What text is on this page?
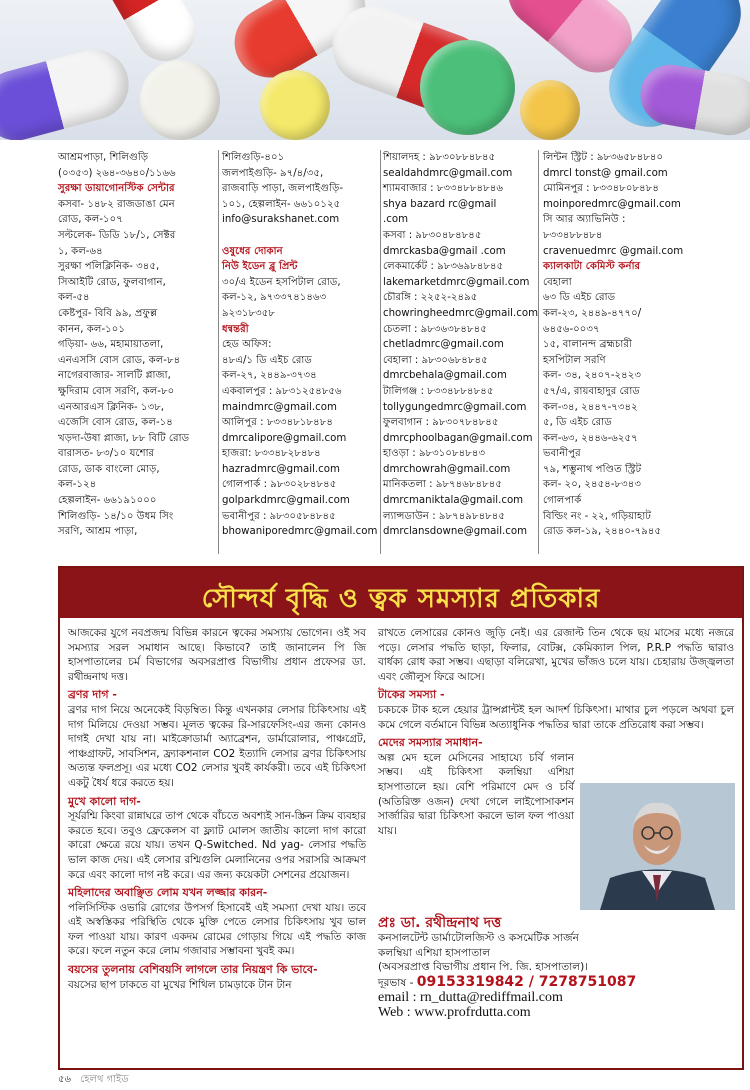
আশ্রমপাড়া, শিলিগুড়ি
(০৩৫৩) ২৬৪-৩৬৪০/১১৬৬
সুরক্ষা ডায়াগোনস্টিক সেন্টার
কসবা- ১৪৮২ রাজডাঙা মেন
রোড, কল-১০৭
সল্টলেক- ডিডি ১৮/১, সেক্টর
১, কল-৬৪
সুরক্ষা পলিক্লিনিক- ৩৪৫,
সিআইটি রোড, ফুলবাগান,
কল-৫৪
কেষ্টপুর- বিবি ৯৯, প্রফুল্ল
কানন, কল-১০১
গড়িয়া- ৬৬, মহামায়াতলা,
এনএসসি বোস রোড, কল-৮৪
নাগেরবাজার- সালটি প্লাজা,
ক্ষুদিরাম বোস সরণি, কল-৮০
এনআরএস ক্লিনিক- ১৩৮,
এজেসি বোস রোড, কল-১৪
খড়দা-উষা প্লাজা, ৮৮ বিটি রোড
বারাসত- ৮৩/১০ যশোর
রোড, ডাক বাংলো মোড়,
কল-১২৪
হেল্পলাইন- ৬৬১৯১০০০
শিলিগুড়ি- ১৪/১০ উধম সিং
সরণি, আশ্রম পাড়া,
শিলিগুড়ি-৪০১
জলপাইগুড়ি- ৯৭/৪/৩৫,
রাজবাড়ি পাড়া, জলপাইগুড়ি-
১০১, হেল্পলাইন- ৬৬১০১২৫
info@surakshanet.com
ওষুধের দোকান
নিউ ইডেন ব্লু প্রিন্ট
৩০/এ ইডেন হসপিটাল রোড,
কল-১২, ৯৭৩৩৭৪১৪৬৩
৯২৩১৮৩৫৮
ধন্বন্তরী
হেড অফিস:
৪৮এ/১ ডি এইচ রোড
কল-২৭, ২৪৪৯-৩৭৩৪
একবালপুর : ৯৮৩১২৫৪৮৫৬
maindmrc@gmail.com
আলিপুর : ৮৩৩৪৮১৮৪৮৪
dmrcalipore@gmail.com
হাজরা: ৮৩৩৪৮২৮৪৮৪
hazradmrc@gmail.com
গোলপার্ক : ৯৮৩০২৮৪৮৪৫
golparkdmrc@gmail.com
ভবানীপুর : ৯৮৩০৫৮৪৮৪৫
bhowaniporedmrc@gmail.com
শিয়ালদহ : ৯৮৩০৮৮৪৮৪৫
sealdahdmrc@gmail.com
শ্যামবাজার : ৮৩৩৪৮৮৪৮৪৬
shya bazard rc@gmail
.com
কসবা : ৯৮৩০৪৮৪৮৪৫
dmrckasba@gmail .com
লেকমার্কেট : ৯৮৩৬৯৮৪৮৪৫
lakemarketdmrc@gmail.com
চৌরঙ্গি : ২২৫২-২৪৯৫
chowringheedmrc@gmail.com
চেতলা : ৯৮৩৬৩৮৪৮৪৫
chetladmrc@gmail.com
বেহালা : ৯৮৩০৬৮৪৮৪৫
dmrcbehala@gmail.com
টালিগঞ্জ : ৮৩৩৪৮৮৪৮৪৫
tollygungedmrc@gmail.com
ফুলবাগান : ৯৮৩০৭৮৪৮৪৫
dmrcphoolbagan@gmail.com
হাওড়া : ৯৮৩১০৮৪৮৪৩
dmrchowrah@gmail.com
মানিকতলা : ৯৮৭৪৬৮৪৮৪৫
dmrcmaniktala@gmail.com
ল্যান্সডাউন : ৯৮৭৪৯৮৪৮৪৫
dmrclansdowne@gmail.com
লিন্টন স্ট্রিট : ৯৮৩৬৫৮৪৮৪০
dmrcl tonst@ gmail.com
মোমিনপুর : ৮৩৩৪৮০৮৪৮৪
moinporedmrc@gmail.com
সি আর অ্যাভিনিউ :
৮৩৩৪৮৮৪৮৪
cravenuedmrc @gmail.com
ক্যালকাটা কেমিস্ট কর্নার
বেহালা
৬৩ ডি এইচ রোড
কল-২৩, ২৪৪৯-৪৭৭০/
৬৪৫৬-০০৩৭
১৫, বালানন্দ ব্রহ্মচারী
হসপিটাল সরণি
কল- ৩৪, ২৪০৭-২৪২৩
৫৭/এ, রায়বাহাদুর রোড
কল-৩৪, ২৪৪৭-৭৩৪২
৫, ডি এইচ রোড
কল-৬৩, ২৪৪৬-৬২৫৭
ভবানীপুর
৭৯, শম্ভুনাথ পণ্ডিত স্ট্রিট
কল- ২০, ২৪৫৪-৮৩৪৩
গোলপার্ক
বিল্ডিং নং - ২২, গড়িয়াহাট
রোড কল-১৯, ২৪৪০-৭৯৪৫
সৌন্দর্য বৃদ্ধি ও ত্বক সমস্যার প্রতিকার

আজকের যুগে নবপ্রজন্ম বিভিন্ন কারনে ত্বকের সমস্যায় ভোগেন। ওই সব সমস্যার সরল সমাধান আছে। কিভাবে? তাই জানালেন পি জি হাসপাতালের চর্ম বিভাগের অবসরপ্রাপ্ত বিভাগীয় প্রধান প্রফেসর ডা. রথীন্দ্রনাথ দত্ত।

ব্রণর দাগ -

ব্রণর দাগ নিয়ে অনেকেই বিড়ম্বিত। কিন্তু এখনকার লেসার চিকিৎসায় এই দাগ মিলিয়ে দেওয়া সম্ভব। মূলত ত্বকের রি-সারফেসিং-এর জন্য কোনও দাগই দেখা যায় না। মাইক্রোডার্মা অ্যাব্রেশন, ডার্মারোলার, পাঞ্চগ্রেট, পাঞ্চগ্রাফট, সাবসিশন, ফ্র্যাকশনাল CO2 ইত্যাদি লেসার ব্রণর চিকিৎসায় অত্যন্ত ফলপ্রসূ। এর মধ্যে CO2 লেসার খুবই কার্যকরী। তবে এই চিকিৎসা একটু ধৈর্য ধরে করতে হয়।

মুখে কালো দাগ-

সূর্যরশ্মি কিংবা রান্নাঘরে তাপ থেকে বাঁচতে অবশ্যই সান-স্ক্রিন ক্রিম ব্যবহার করতে হবে। তবুও ফ্রেকেলস বা ফ্ল্যাট মোলস জাতীয় কালো দাগ কারো কারো ক্ষেত্রে রয়ে যায়। তখন Q-Switched. Nd yag- লেসার পদ্ধতি ভাল কাজ দেয়। এই লেসার রশ্মিগুলি মেলানিনের ওপর সরাসরি আক্রমণ করে এবং কালো দাগ নষ্ট করে। এর জন্য কয়েকটা সেশনের প্রয়োজন।

মহিলাদের অবাঞ্ছিত লোম যখন লজ্জার কারন-

পলিসিস্টিক ওভারি রোগের উপসর্গ হিসাবেই এই সমস্যা দেখা যায়। তবে এই অস্বস্তিকর পরিস্থিতি থেকে মুক্তি পেতে লেসার চিকিৎসায় খুব ভাল ফল পাওয়া যায়। কারণ একদম রোমের গোড়ায় গিয়ে এই পদ্ধতি কাজ করে। ফলে নতুন করে লোম গজাবার সম্ভাবনা খুবই কম।

বয়সের তুলনায় বেশিবয়সি লাগলে তার নিয়ন্ত্রণ কি ভাবে-

বয়সের ছাপ ঢাকতে বা মুখের শিথিল চামড়াকে টান টান

রাখতে লেসারের কোনও জুড়ি নেই। এর রেজাল্ট তিন থেকে ছয় মাসের মধ্যে নজরে পড়ে। লেসার পদ্ধতি ছাড়া, ফিলার, বোটক্স, কেমিক্যাল পিল, P.R.P পদ্ধতি দ্বারাও বার্ধক্য রোধ করা সম্ভব। এছাড়া বলিরেখা, মুখের ভাঁজও চলে যায়। চেহারায় উজ্জ্বলতা এবং জৌলুস ফিরে আসে।

টাকের সমস্যা -

চকচকে টাক হলে হেয়ার ট্রান্সপ্লান্টই হল আদর্শ চিকিৎসা। মাথার চুল পড়লে অথবা চুল কমে গেলে বর্তমানে বিভিন্ন অত্যাধুনিক পদ্ধতির দ্বারা তাকে প্রতিরোধ করা সম্ভব।

মেদের সমস্যার সমাধান-

অল্প মেদ হলে মেসিনের সাহায্যে চর্বি গলান সম্ভব। এই চিকিৎসা কলম্বিয়া এশিয়া হাসপাতালে হয়। বেশি পরিমাণে মেদ ও চর্বি (অতিরিক্ত ওজন) দেখা গেলে লাইপোসাকশন সার্জারির দ্বারা চিকিৎসা করলে ভাল ফল পাওয়া যায়।

প্রঃ ডা. রথীন্দ্রনাথ দত্ত
কনসালটেন্ট ডার্মাটোলজিস্ট ও কসমেটিক সার্জন
কলম্বিয়া এশিয়া হাসপাতাল
(অবসরপ্রাপ্ত বিভাগীয় প্রধান পি. জি. হাসপাতাল)।
দূরভাষ - 09153319842 / 7278751087
email : rn_dutta@rediffmail.com
Web : www.profrdutta.com
৫৬ হেলথ গাইড
